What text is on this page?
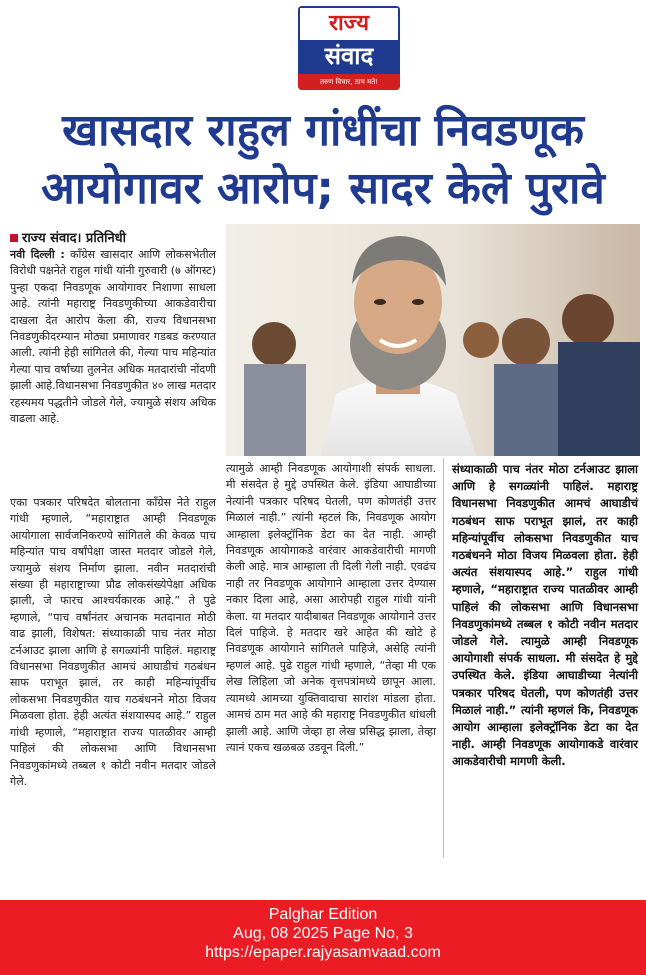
राज्य
संवाद
तरुण विचार, ठाम मते!
खासदार राहुल गांधींचा निवडणूक
आयोगावर आरोप; सादर केले पुरावे
राज्य संवाद। प्रतिनिधी

नवी दिल्ली : काँग्रेस खासदार आणि लोकसभेतील विरोधी पक्षनेते राहुल गांधी यांनी गुरुवारी (७ ऑगस्ट) पुन्हा एकदा निवडणूक आयोगावर निशाणा साधला आहे. त्यांनी महाराष्ट्र निवडणुकीच्या आकडेवारीचा दाखला देत आरोप केला की, राज्य विधानसभा निवडणुकीदरम्यान मोठ्या प्रमाणावर गडबड करण्यात आली. त्यांनी हेही सांगितले की, गेल्या पाच महिन्यांत गेल्या पाच वर्षांच्या तुलनेत अधिक मतदारांची नोंदणी झाली आहे.विधानसभा निवडणुकीत ४० लाख मतदार रहस्यमय पद्धतीने जोडले गेले, ज्यामुळे संशय अधिक वाढला आहे.

एका पत्रकार परिषदेत बोलताना काँग्रेस नेते राहुल गांधी म्हणाले, “महाराष्ट्रात आम्ही निवडणूक आयोगाला सार्वजनिकरण्ये सांगितले की केवळ पाच महिन्यांत पाच वर्षांपेक्षा जास्त मतदार जोडले गेले, ज्यामुळे संशय निर्माण झाला. नवीन मतदारांची संख्या ही महाराष्ट्राच्या प्रौढ लोकसंख्येपेक्षा अधिक झाली, जे फारच आश्चर्यकारक आहे.” ते पुढे म्हणाले, “पाच वर्षांनंतर अचानक मतदानात मोठी वाढ झाली, विशेषत: संध्याकाळी पाच नंतर मोठा टर्नआउट झाला आणि हे सगळ्यांनी पाहिलं. महाराष्ट्र विधानसभा निवडणुकीत आमचं आघाडीचं गठबंधन साफ पराभूत झालं, तर काही महिन्यांपूर्वीच लोकसभा निवडणुकीत याच गठबंधनने मोठा विजय मिळवला होता. हेही अत्यंत संशयास्पद आहे.” राहुल गांधी म्हणाले, “महाराष्ट्रात राज्य पातळीवर आम्ही पाहिलं की लोकसभा आणि विधानसभा निवडणुकांमध्ये तब्बल १ कोटी नवीन मतदार जोडले गेले.

त्यामुळे आम्ही निवडणूक आयोगाशी संपर्क साधला. मी संसदेत हे मुद्दे उपस्थित केले. इंडिया आघाडीच्या नेत्यांनी पत्रकार परिषद घेतली, पण कोणतंही उत्तर मिळालं नाही.” त्यांनी म्हटलं कि, निवडणूक आयोग आम्हाला इलेक्ट्रॉनिक डेटा का देत नाही. आम्ही निवडणूक आयोगाकडे वारंवार आकडेवारीची मागणी केली आहे. मात्र आम्हाला ती दिली गेली नाही. एवढंच नाही तर निवडणूक आयोगाने आम्हाला उत्तर देण्यास नकार दिला आहे, असा आरोपही राहुल गांधी यांनी केला. या मतदार यादीबाबत निवडणूक आयोगाने उत्तर दिलं पाहिजे. हे मतदार खरे आहेत की खोटे हे निवडणूक आयोगाने सांगितले पाहिजे, असेहि त्यांनी म्हणलं आहे. पुढे राहुल गांधी म्हणाले, “तेव्हा मी एक लेख लिहिला जो अनेक वृत्तपत्रांमध्ये छापून आला. त्यामध्ये आमच्या युक्तिवादाचा सारांश मांडला होता. आमचं ठाम मत आहे की महाराष्ट्र निवडणुकीत धांधली झाली आहे. आणि जेव्हा हा लेख प्रसिद्ध झाला, तेव्हा त्यानं एकच खळबळ उडवून दिली.”

संध्याकाळी पाच नंतर मोठा टर्नआउट झाला आणि हे सगळ्यांनी पाहिलं. महाराष्ट्र विधानसभा निवडणुकीत आमचं आघाडीचं गठबंधन साफ पराभूत झालं, तर काही महिन्यांपूर्वीच लोकसभा निवडणुकीत याच गठबंधनने मोठा विजय मिळवला होता. हेही अत्यंत संशयास्पद आहे.” राहुल गांधी म्हणाले, “महाराष्ट्रात राज्य पातळीवर आम्ही पाहिलं की लोकसभा आणि विधानसभा निवडणुकांमध्ये तब्बल १ कोटी नवीन मतदार जोडले गेले. त्यामुळे आम्ही निवडणूक आयोगाशी संपर्क साधला. मी संसदेत हे मुद्दे उपस्थित केले. इंडिया आघाडीच्या नेत्यांनी पत्रकार परिषद घेतली, पण कोणतंही उत्तर मिळालं नाही.” त्यांनी म्हणलं कि, निवडणूक आयोग आम्हाला इलेक्ट्रॉनिक डेटा का देत नाही. आम्ही निवडणूक आयोगाकडे वारंवार आकडेवारीची मागणी केली.

Palghar Edition
Aug, 08 2025 Page No, 3
https://epaper.rajyasamvaad.com
